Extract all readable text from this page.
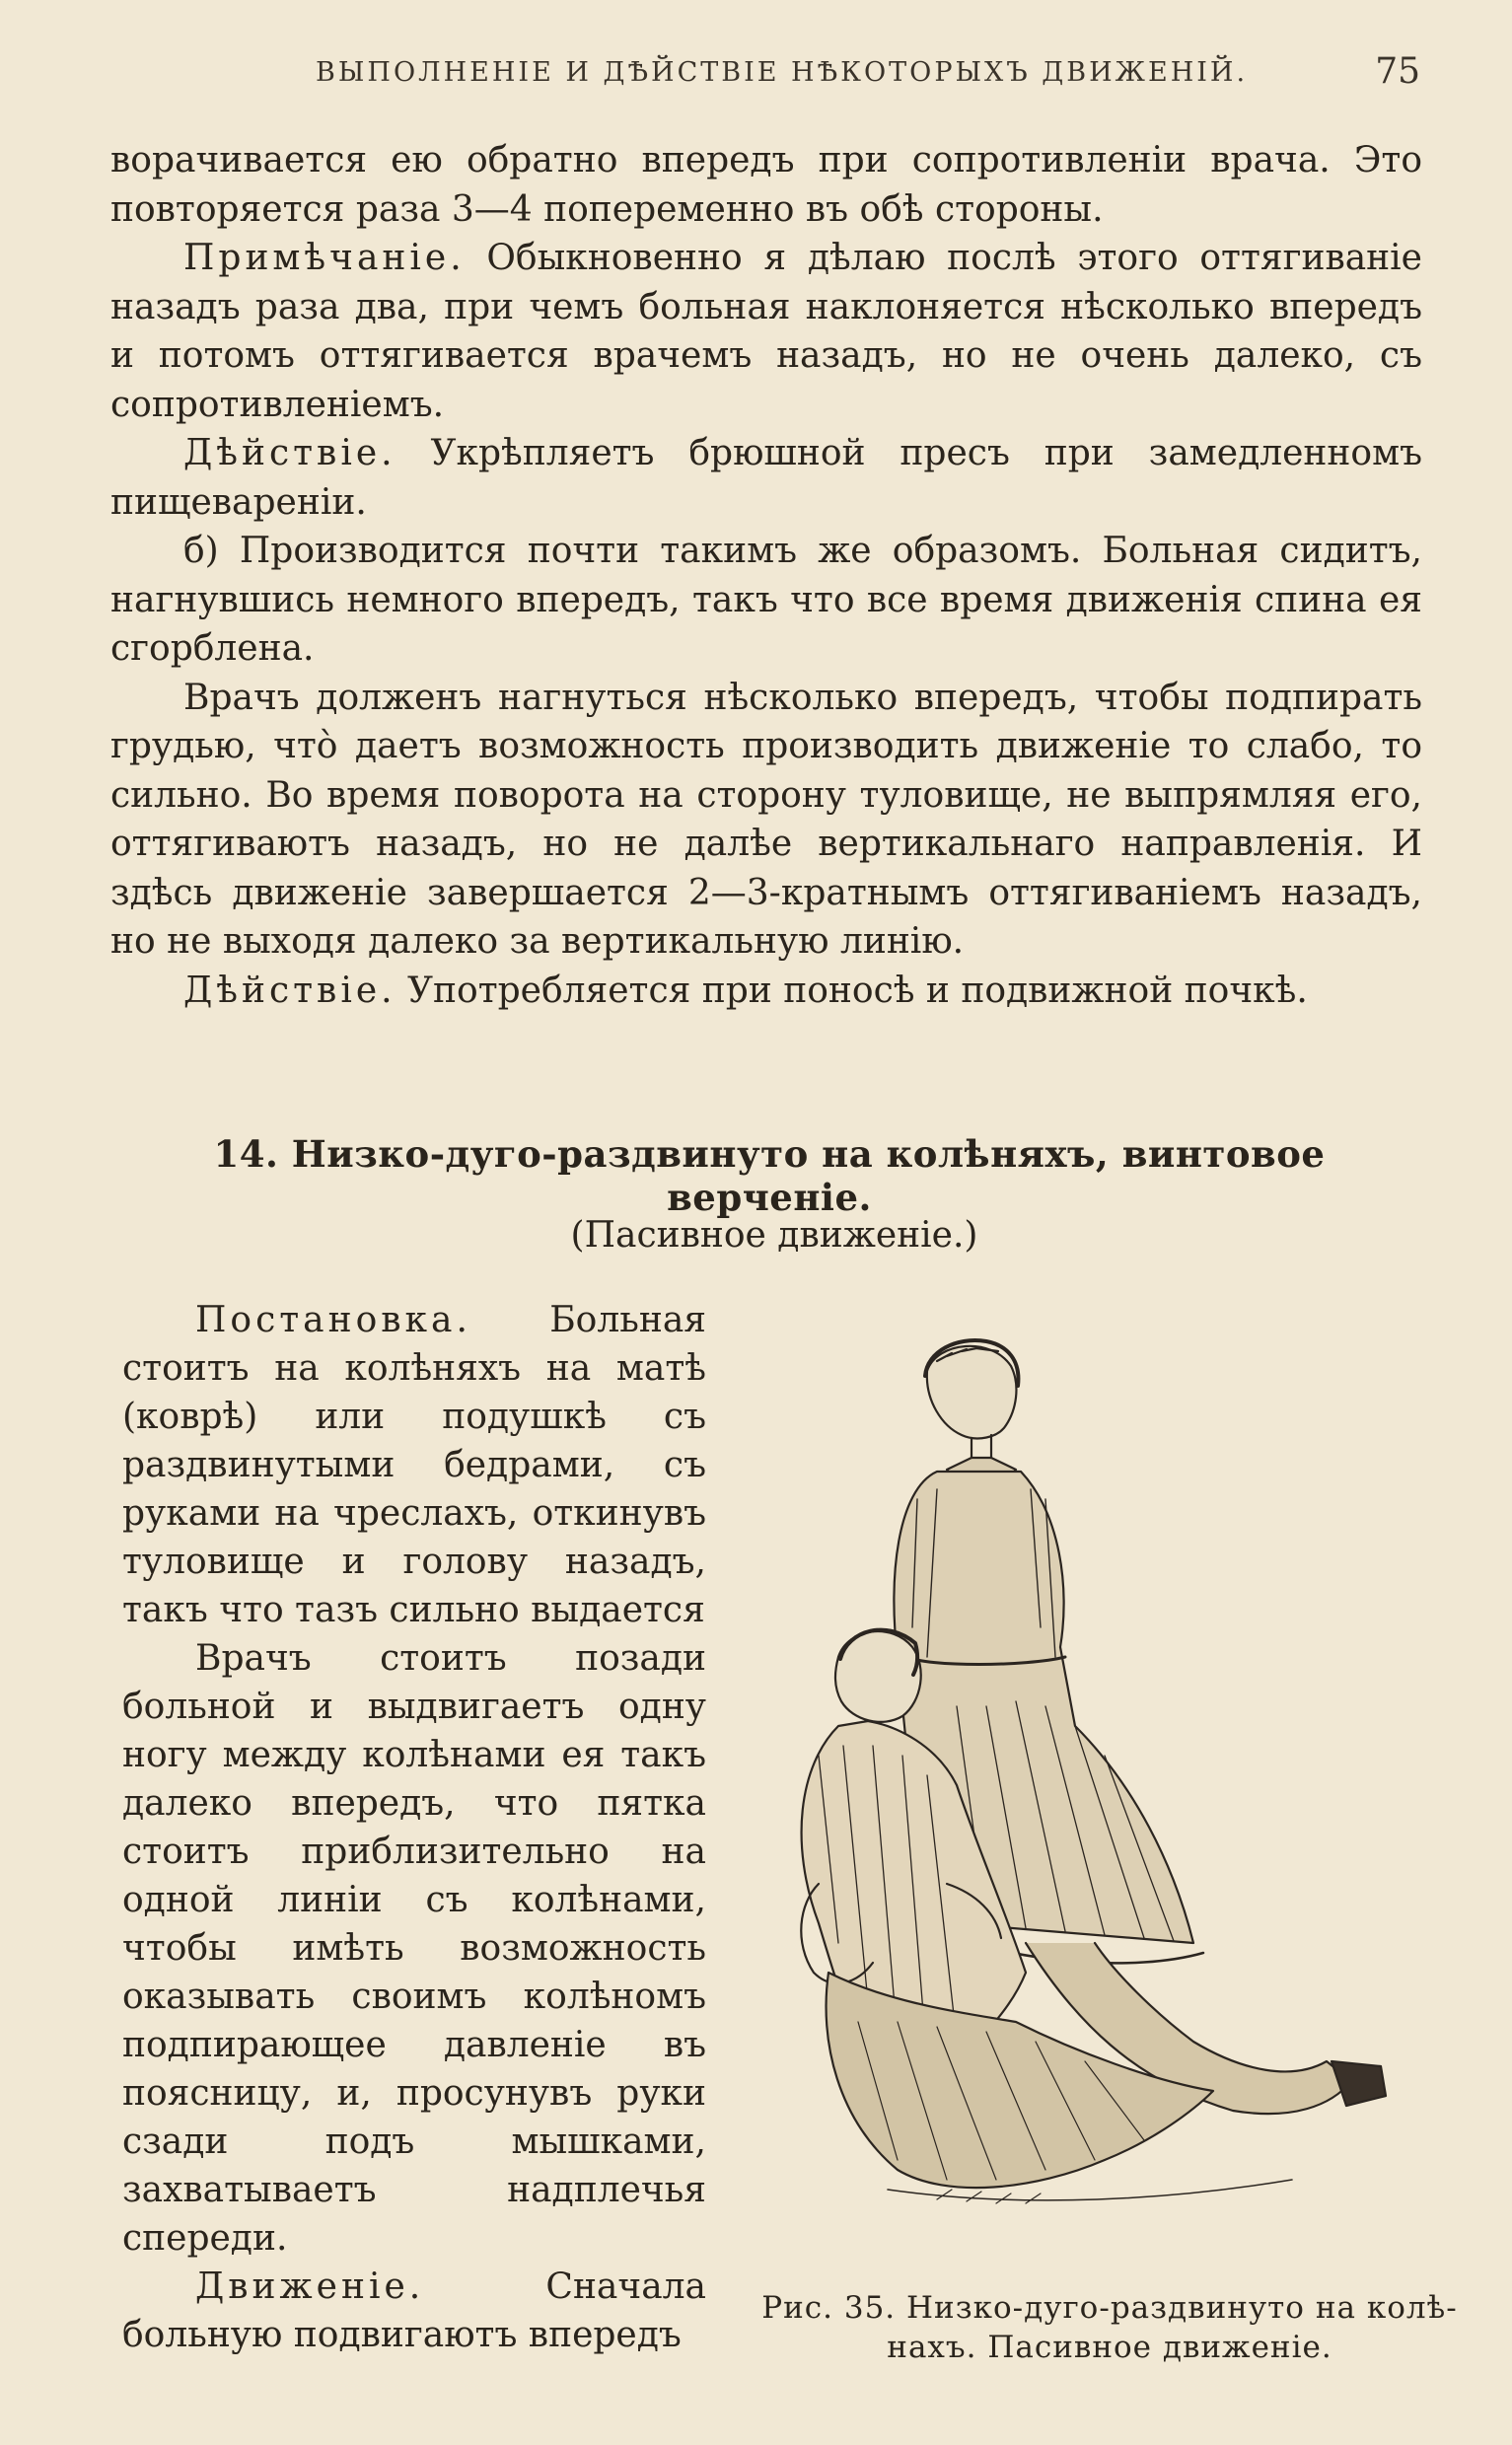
ВЫПОЛНЕНІЕ И ДѢЙСТВІЕ НѢКОТОРЫХЪ ДВИЖЕНІЙ.	75

ворачивается ею обратно впередъ при сопротивленіи врача. Это повторяется раза 3—4 попеременно въ обѣ стороны.

Примѣчаніе. Обыкновенно я дѣлаю послѣ этого оттягиваніе назадъ раза два, при чемъ больная наклоняется нѣсколько впередъ и потомъ оттягивается врачемъ назадъ, но не очень далеко, съ сопротивленіемъ.

Дѣйствіе. Укрѣпляетъ брюшной пресъ при замедленномъ пищевареніи.

б) Производится почти такимъ же образомъ. Больная сидитъ, нагнувшись немного впередъ, такъ что все время движенія спина ея сгорблена.

Врачъ долженъ нагнуться нѣсколько впередъ, чтобы подпирать грудью, что̀ даетъ возможность производить движеніе то слабо, то сильно. Во время поворота на сторону туловище, не выпрямляя его, оттягиваютъ назадъ, но не далѣе вертикальнаго направленія. И здѣсь движеніе завершается 2—3-кратнымъ оттягиваніемъ назадъ, но не выходя далеко за вертикальную линію.

Дѣйствіе. Употребляется при поносѣ и подвижной почкѣ.

14. Низко-дуго-раздвинуто на колѣняхъ, винтовое верченіе.
(Пасивное движеніе.)

Постановка. Больная стоитъ на колѣняхъ на матѣ (коврѣ) или подушкѣ съ раздвинутыми бедрами, съ руками на чреслахъ, откинувъ туловище и голову назадъ, такъ что тазъ сильно выдается

Врачъ стоитъ позади больной и выдвигаетъ одну ногу между колѣнами ея такъ далеко впередъ, что пятка стоитъ приблизительно на одной линіи съ колѣнами, чтобы имѣть возможность оказывать своимъ колѣномъ подпирающее давленіе въ поясницу, и, просунувъ руки сзади подъ мышками, захватываетъ надплечья спереди.

Движеніе. Сначала больную подвигаютъ впередъ

Рис. 35. Низко-дуго-раздвинуто на колѣ-
нахъ. Пасивное движеніе.
